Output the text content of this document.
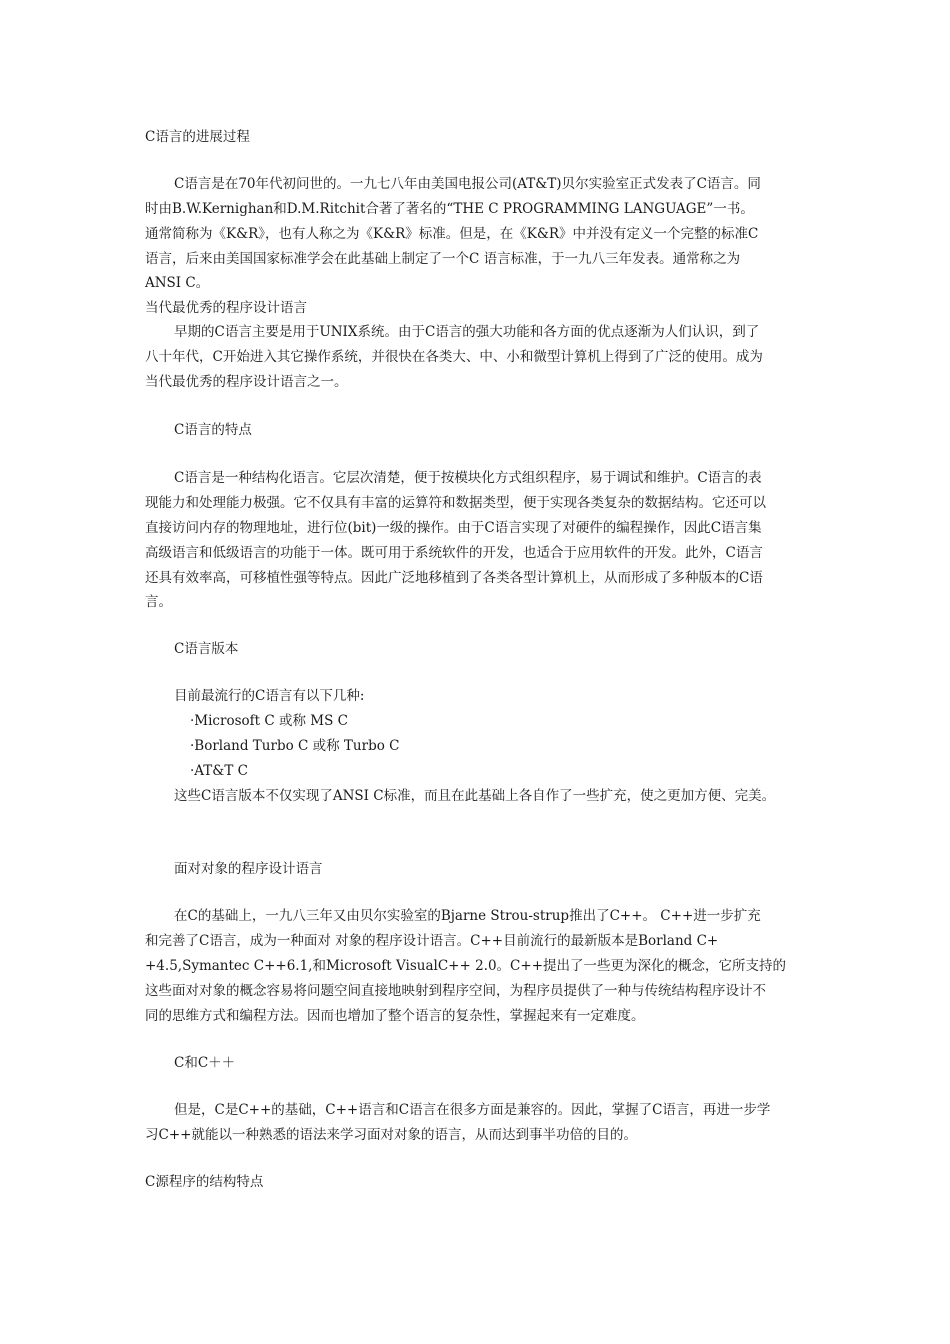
C语言的进展过程

C语言是在70年代初问世的。一九七八年由美国电报公司(AT&T)贝尔实验室正式发表了C语言。同

时由B.W.Kernighan和D.M.Ritchit合著了著名的“THE C PROGRAMMING LANGUAGE”一书。

通常简称为《K&R》，也有人称之为《K&R》标准。但是，在《K&R》中并没有定义一个完整的标准C

语言，后来由美国国家标准学会在此基础上制定了一个C 语言标准，于一九八三年发表。通常称之为

ANSI C。

当代最优秀的程序设计语言

早期的C语言主要是用于UNIX系统。由于C语言的强大功能和各方面的优点逐渐为人们认识，到了

八十年代，C开始进入其它操作系统，并很快在各类大、中、小和微型计算机上得到了广泛的使用。成为

当代最优秀的程序设计语言之一。

C语言的特点

C语言是一种结构化语言。它层次清楚，便于按模块化方式组织程序，易于调试和维护。C语言的表

现能力和处理能力极强。它不仅具有丰富的运算符和数据类型，便于实现各类复杂的数据结构。它还可以

直接访问内存的物理地址，进行位(bit)一级的操作。由于C语言实现了对硬件的编程操作，因此C语言集

高级语言和低级语言的功能于一体。既可用于系统软件的开发，也适合于应用软件的开发。此外，C语言

还具有效率高，可移植性强等特点。因此广泛地移植到了各类各型计算机上，从而形成了多种版本的C语

言。

C语言版本

目前最流行的C语言有以下几种:

·Microsoft C 或称 MS C

·Borland Turbo C 或称 Turbo C

·AT&T C

这些C语言版本不仅实现了ANSI C标准，而且在此基础上各自作了一些扩充，使之更加方便、完美。

面对对象的程序设计语言

在C的基础上，一九八三年又由贝尔实验室的Bjarne Strou-strup推出了C++。 C++进一步扩充

和完善了C语言，成为一种面对 对象的程序设计语言。C++目前流行的最新版本是Borland C+

+4.5,Symantec C++6.1,和Microsoft VisualC++ 2.0。C++提出了一些更为深化的概念，它所支持的

这些面对对象的概念容易将问题空间直接地映射到程序空间，为程序员提供了一种与传统结构程序设计不

同的思维方式和编程方法。因而也增加了整个语言的复杂性，掌握起来有一定难度。

C和C＋＋

但是，C是C++的基础，C++语言和C语言在很多方面是兼容的。因此，掌握了C语言，再进一步学

习C++就能以一种熟悉的语法来学习面对对象的语言，从而达到事半功倍的目的。

C源程序的结构特点
